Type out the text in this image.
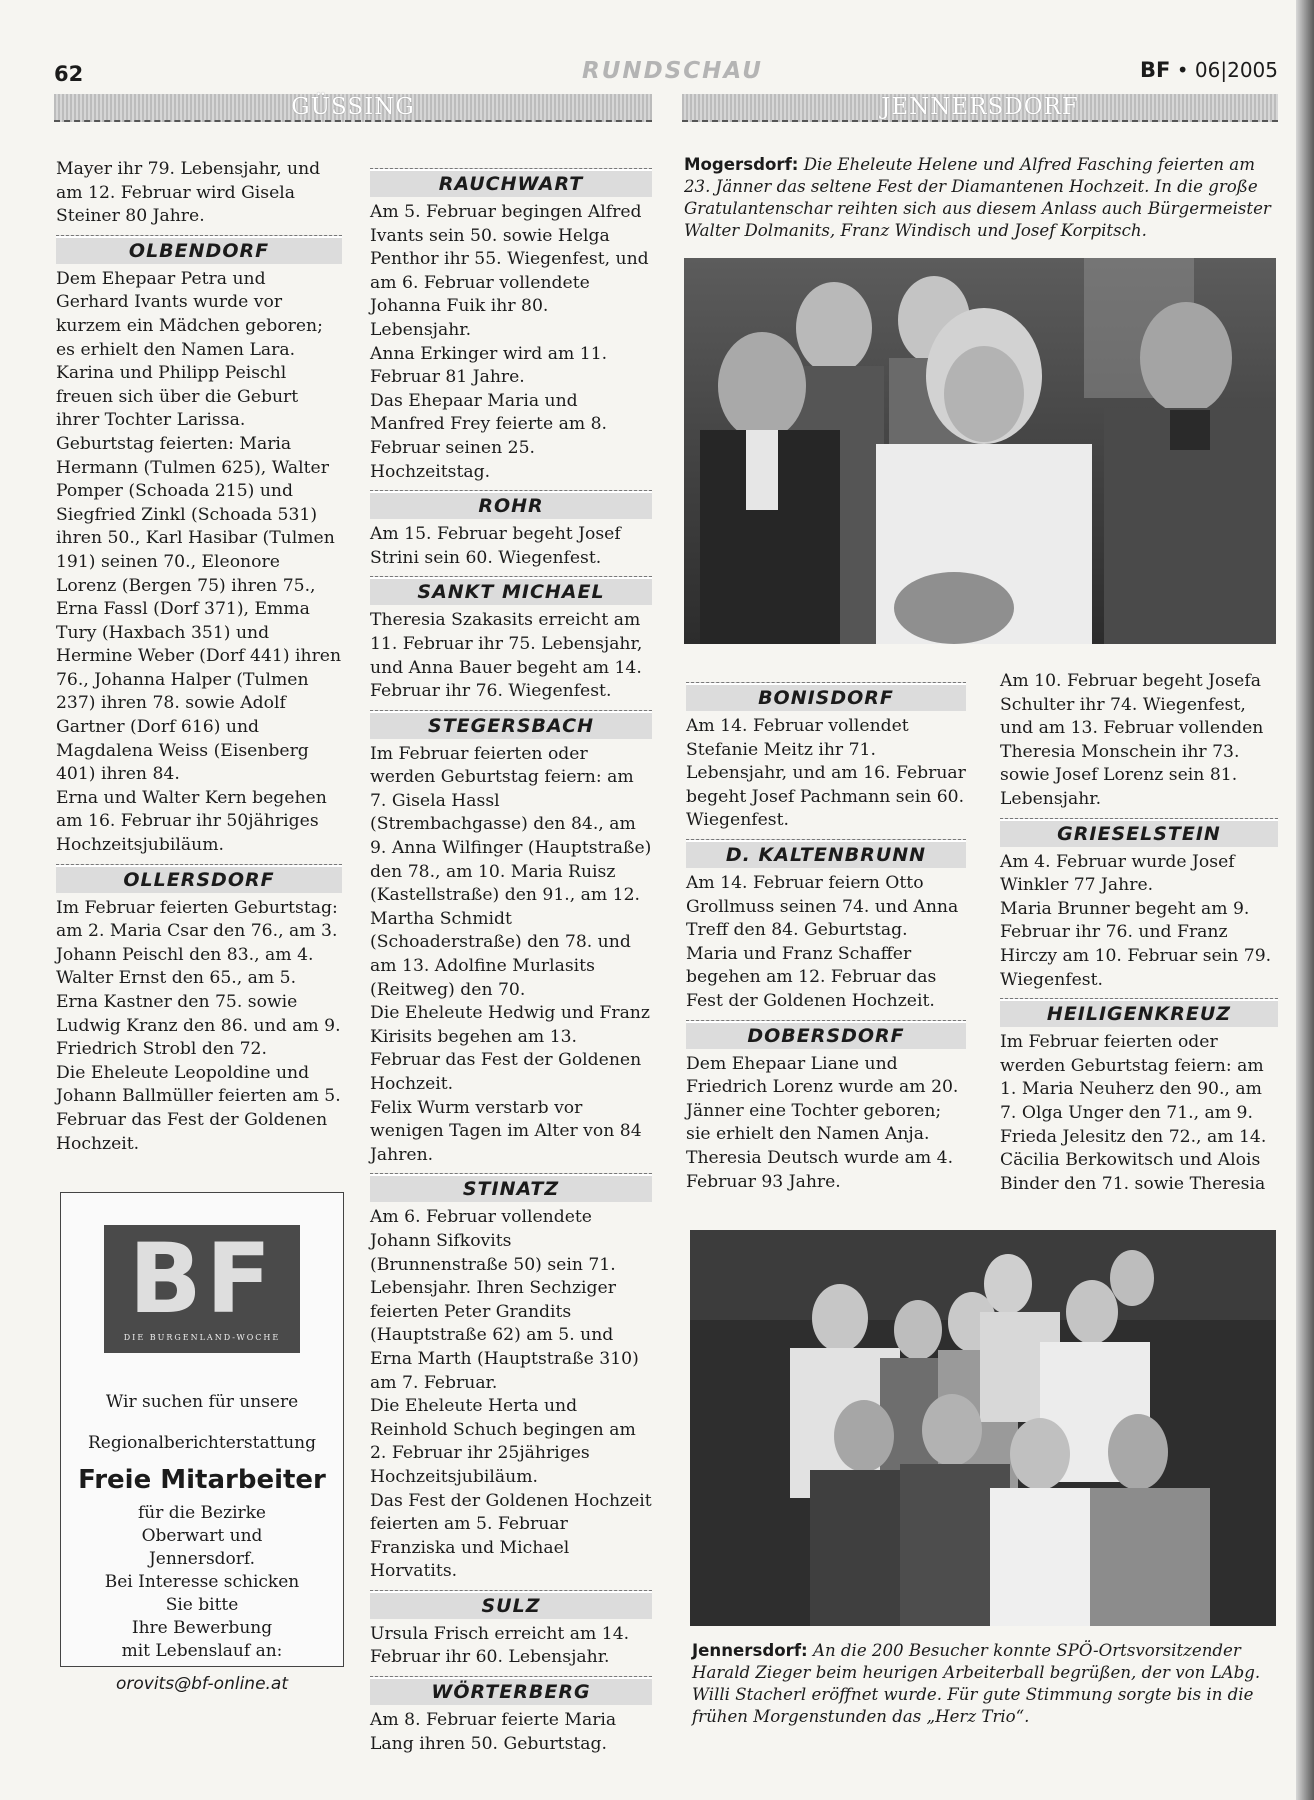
62	RUNDSCHAU	BF • 06|2005
GÜSSING	JENNERSDORF

Mayer ihr 79. Lebensjahr, und am 12. Februar wird Gisela Steiner 80 Jahre.

OLBENDORF

Dem Ehepaar Petra und Gerhard Ivants wurde vor kurzem ein Mädchen geboren; es erhielt den Namen Lara. Karina und Philipp Peischl freuen sich über die Geburt ihrer Tochter Larissa.

Geburtstag feierten: Maria Hermann (Tulmen 625), Walter Pomper (Schoada 215) und Siegfried Zinkl (Schoada 531) ihren 50., Karl Hasibar (Tulmen 191) seinen 70., Eleonore Lorenz (Bergen 75) ihren 75., Erna Fassl (Dorf 371), Emma Tury (Haxbach 351) und Hermine Weber (Dorf 441) ihren 76., Johanna Halper (Tulmen 237) ihren 78. sowie Adolf Gartner (Dorf 616) und Magdalena Weiss (Eisenberg 401) ihren 84.

Erna und Walter Kern begehen am 16. Februar ihr 50jähriges Hochzeitsjubiläum.

OLLERSDORF

Im Februar feierten Geburtstag: am 2. Maria Csar den 76., am 3. Johann Peischl den 83., am 4. Walter Ernst den 65., am 5. Erna Kastner den 75. sowie Ludwig Kranz den 86. und am 9. Friedrich Strobl den 72.

Die Eheleute Leopoldine und Johann Ballmüller feierten am 5. Februar das Fest der Goldenen Hochzeit.

BF
DIE BURGENLAND-WOCHE
Wir suchen für unsere
Regionalberichterstattung
Freie Mitarbeiter
für die Bezirke Oberwart und Jennersdorf.
Bei Interesse schicken Sie bitte
Ihre Bewerbung mit Lebenslauf an:
orovits@bf-online.at
RAUCHWART

Am 5. Februar begingen Alfred Ivants sein 50. sowie Helga Penthor ihr 55. Wiegenfest, und am 6. Februar vollendete Johanna Fuik ihr 80. Lebensjahr.

Anna Erkinger wird am 11. Februar 81 Jahre.

Das Ehepaar Maria und Manfred Frey feierte am 8. Februar seinen 25. Hochzeitstag.

ROHR

Am 15. Februar begeht Josef Strini sein 60. Wiegenfest.

SANKT MICHAEL

Theresia Szakasits erreicht am 11. Februar ihr 75. Lebensjahr, und Anna Bauer begeht am 14. Februar ihr 76. Wiegenfest.

STEGERSBACH

Im Februar feierten oder werden Geburtstag feiern: am 7. Gisela Hassl (Strembachgasse) den 84., am 9. Anna Wilfinger (Hauptstraße) den 78., am 10. Maria Ruisz (Kastellstraße) den 91., am 12. Martha Schmidt (Schoaderstraße) den 78. und am 13. Adolfine Murlasits (Reitweg) den 70.

Die Eheleute Hedwig und Franz Kirisits begehen am 13. Februar das Fest der Goldenen Hochzeit.

Felix Wurm verstarb vor wenigen Tagen im Alter von 84 Jahren.

STINATZ

Am 6. Februar vollendete Johann Sifkovits (Brunnenstraße 50) sein 71. Lebensjahr. Ihren Sechziger feierten Peter Grandits (Hauptstraße 62) am 5. und Erna Marth (Hauptstraße 310) am 7. Februar.

Die Eheleute Herta und Reinhold Schuch begingen am 2. Februar ihr 25jähriges Hochzeitsjubiläum.

Das Fest der Goldenen Hochzeit feierten am 5. Februar Franziska und Michael Horvatits.

SULZ

Ursula Frisch erreicht am 14. Februar ihr 60. Lebensjahr.

WÖRTERBERG

Am 8. Februar feierte Maria Lang ihren 50. Geburtstag.

Mogersdorf: Die Eheleute Helene und Alfred Fasching feierten am 23. Jänner das seltene Fest der Diamantenen Hochzeit. In die große Gratulantenschar reihten sich aus diesem Anlass auch Bürgermeister Walter Dolmanits, Franz Windisch und Josef Korpitsch.
BONISDORF

Am 14. Februar vollendet Stefanie Meitz ihr 71. Lebensjahr, und am 16. Februar begeht Josef Pachmann sein 60. Wiegenfest.

D. KALTENBRUNN

Am 14. Februar feiern Otto Grollmuss seinen 74. und Anna Treff den 84. Geburtstag.

Maria und Franz Schaffer begehen am 12. Februar das Fest der Goldenen Hochzeit.

DOBERSDORF

Dem Ehepaar Liane und Friedrich Lorenz wurde am 20. Jänner eine Tochter geboren; sie erhielt den Namen Anja.

Theresia Deutsch wurde am 4. Februar 93 Jahre.

Am 10. Februar begeht Josefa Schulter ihr 74. Wiegenfest, und am 13. Februar vollenden Theresia Monschein ihr 73. sowie Josef Lorenz sein 81. Lebensjahr.

GRIESELSTEIN

Am 4. Februar wurde Josef Winkler 77 Jahre.

Maria Brunner begeht am 9. Februar ihr 76. und Franz Hirczy am 10. Februar sein 79. Wiegenfest.

HEILIGENKREUZ

Im Februar feierten oder werden Geburtstag feiern: am 1. Maria Neuherz den 90., am 7. Olga Unger den 71., am 9. Frieda Jelesitz den 72., am 14. Cäcilia Berkowitsch und Alois Binder den 71. sowie Theresia

Jennersdorf: An die 200 Besucher konnte SPÖ-Ortsvorsitzender Harald Zieger beim heurigen Arbeiterball begrüßen, der von LAbg. Willi Stacherl eröffnet wurde. Für gute Stimmung sorgte bis in die frühen Morgenstunden das „Herz Trio“.
